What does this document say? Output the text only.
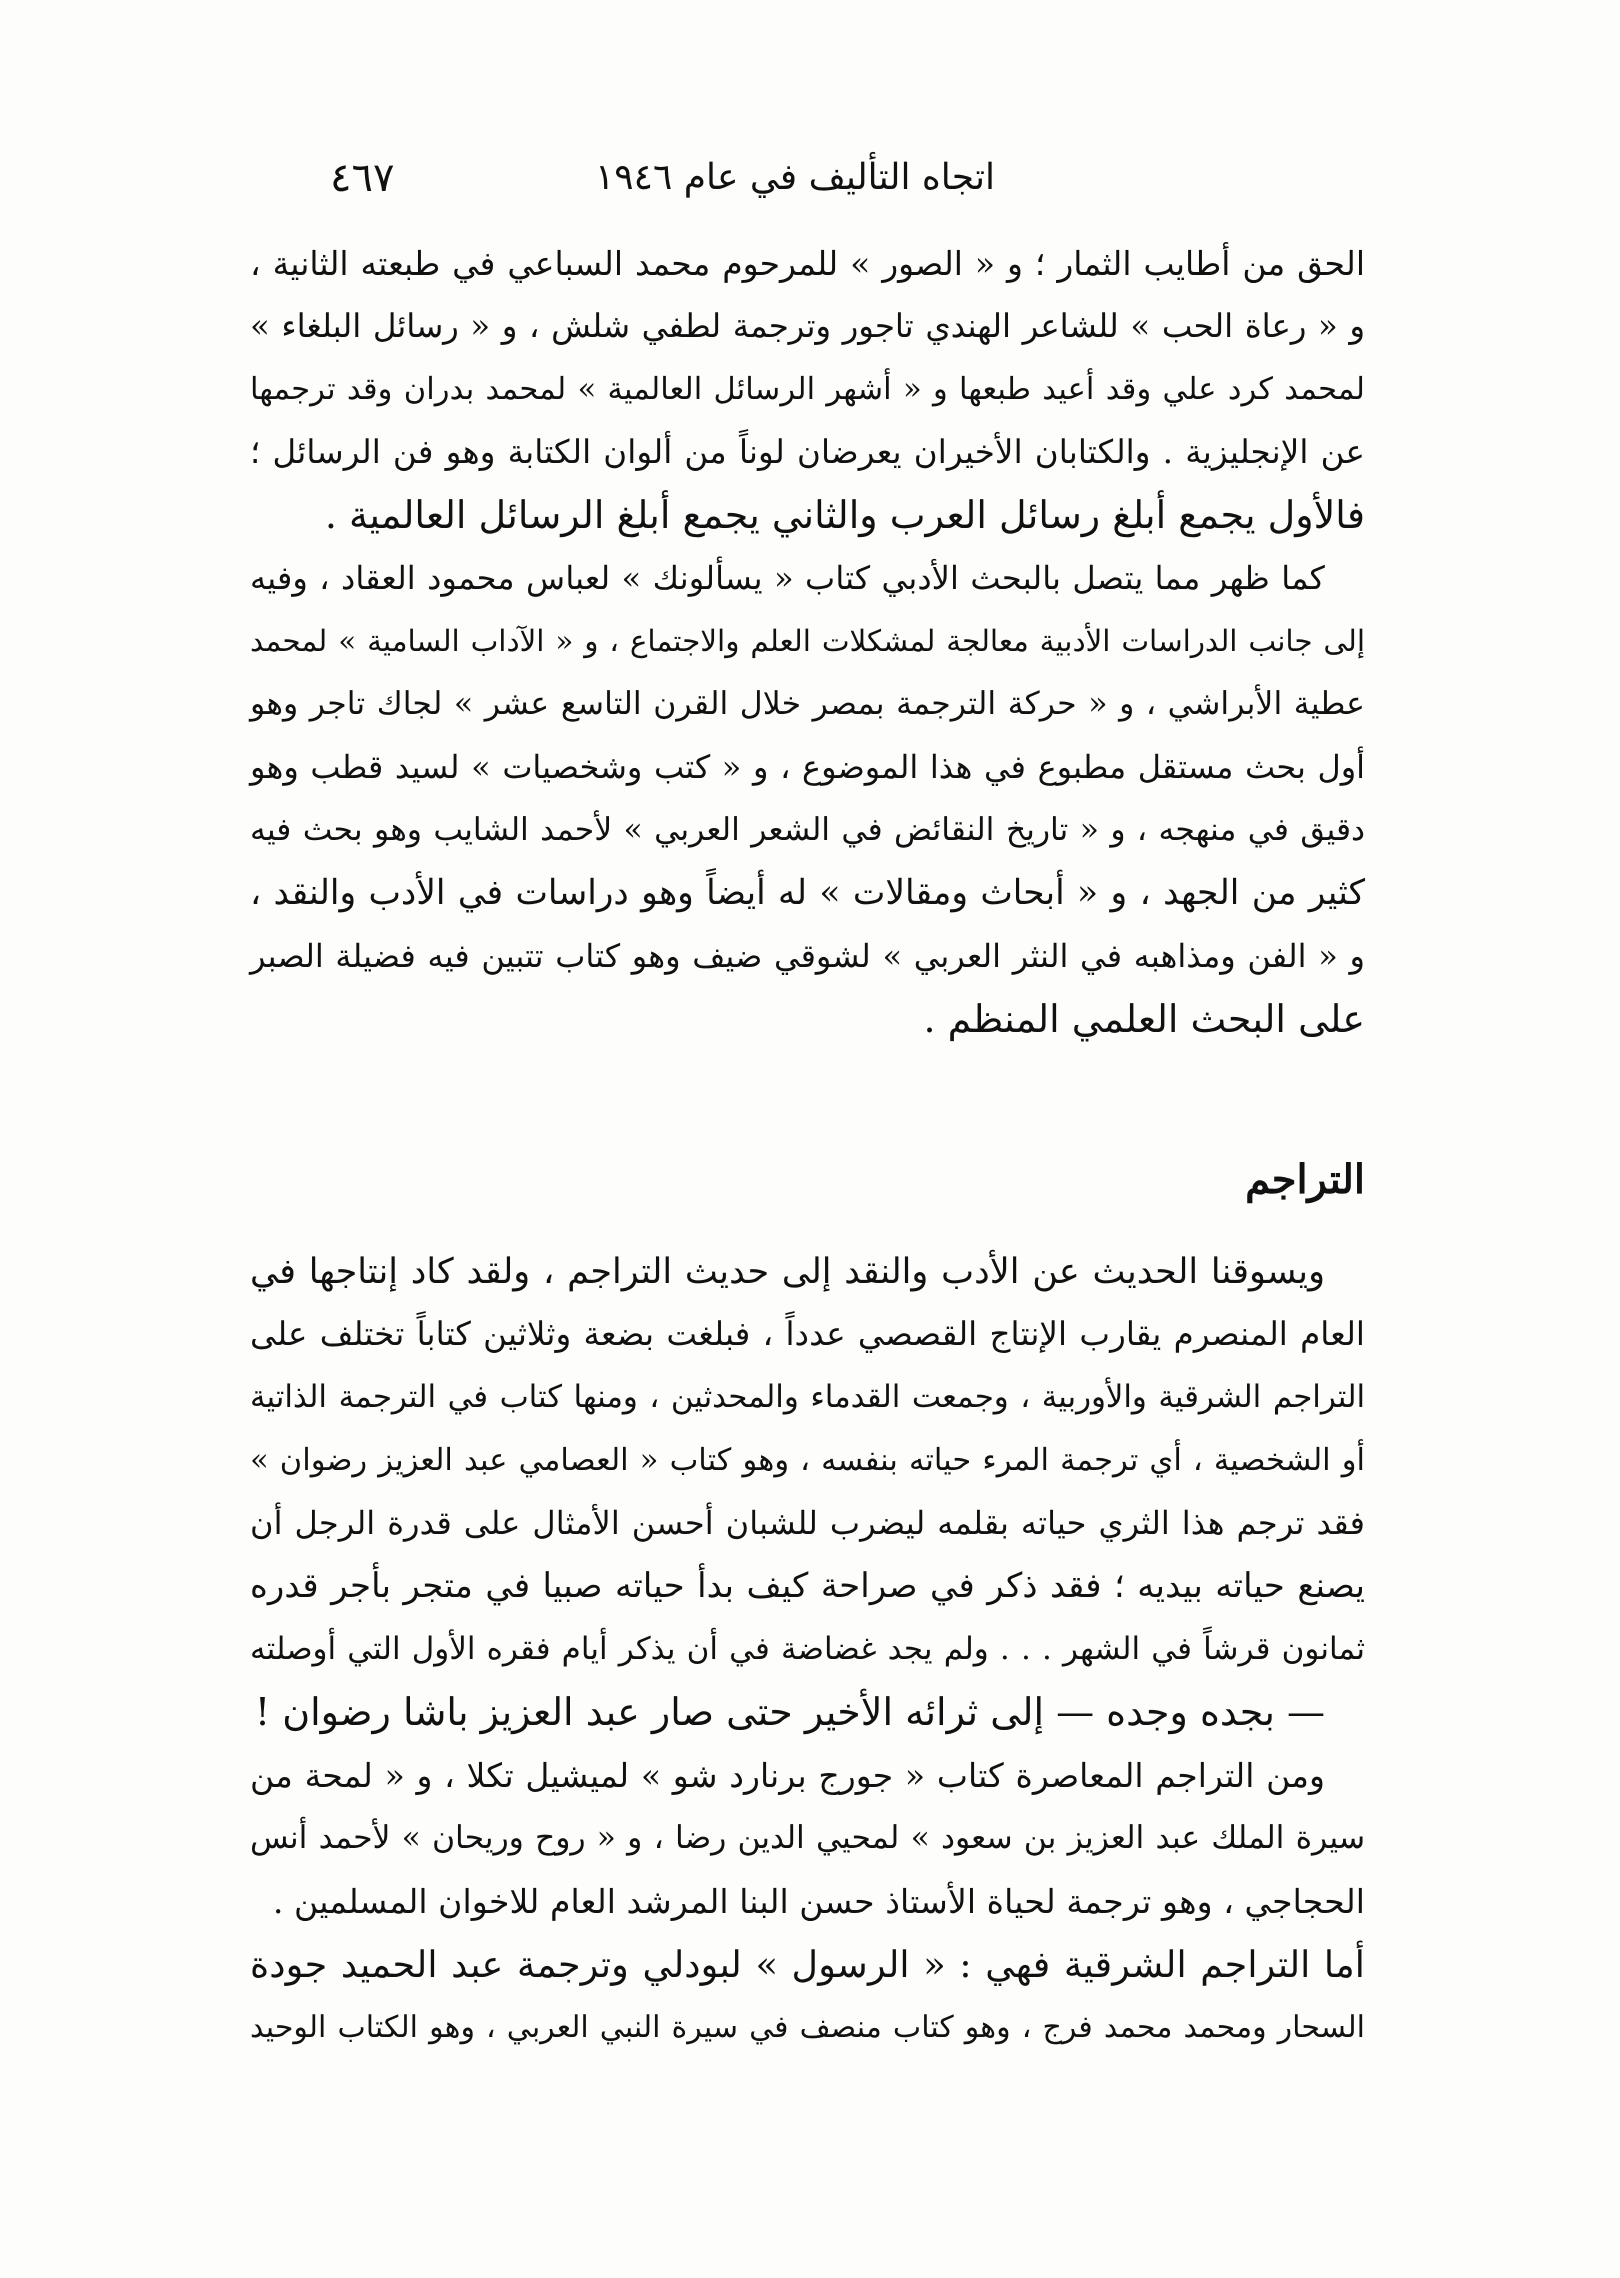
اتجاه التأليف في عام ١٩٤٦
٤٦٧
الحق من أطايب الثمار ؛ و « الصور » للمرحوم محمد السباعي في طبعته الثانية ،
و « رعاة الحب » للشاعر الهندي تاجور وترجمة لطفي شلش ، و « رسائل البلغاء »
لمحمد كرد علي وقد أعيد طبعها و « أشهر الرسائل العالمية » لمحمد بدران وقد ترجمها
عن الإنجليزية . والكتابان الأخيران يعرضان لوناً من ألوان الكتابة وهو فن الرسائل ؛
فالأول يجمع أبلغ رسائل العرب والثاني يجمع أبلغ الرسائل العالمية .
كما ظهر مما يتصل بالبحث الأدبي كتاب « يسألونك » لعباس محمود العقاد ، وفيه
إلى جانب الدراسات الأدبية معالجة لمشكلات العلم والاجتماع ، و « الآداب السامية » لمحمد
عطية الأبراشي ، و « حركة الترجمة بمصر خلال القرن التاسع عشر » لجاك تاجر وهو
أول بحث مستقل مطبوع في هذا الموضوع ، و « كتب وشخصيات » لسيد قطب وهو
دقيق في منهجه ، و « تاريخ النقائض في الشعر العربي » لأحمد الشايب وهو بحث فيه
كثير من الجهد ، و « أبحاث ومقالات » له أيضاً وهو دراسات في الأدب والنقد ،
و « الفن ومذاهبه في النثر العربي » لشوقي ضيف وهو كتاب تتبين فيه فضيلة الصبر
على البحث العلمي المنظم .
التراجم
ويسوقنا الحديث عن الأدب والنقد إلى حديث التراجم ، ولقد كاد إنتاجها في
العام المنصرم يقارب الإنتاج القصصي عدداً ، فبلغت بضعة وثلاثين كتاباً تختلف على
التراجم الشرقية والأوربية ، وجمعت القدماء والمحدثين ، ومنها كتاب في الترجمة الذاتية
أو الشخصية ، أي ترجمة المرء حياته بنفسه ، وهو كتاب « العصامي عبد العزيز رضوان »
فقد ترجم هذا الثري حياته بقلمه ليضرب للشبان أحسن الأمثال على قدرة الرجل أن
يصنع حياته بيديه ؛ فقد ذكر في صراحة كيف بدأ حياته صبيا في متجر بأجر قدره
ثمانون قرشاً في الشهر . . . ولم يجد غضاضة في أن يذكر أيام فقره الأول التي أوصلته
— بجده وجده — إلى ثرائه الأخير حتى صار عبد العزيز باشا رضوان !
ومن التراجم المعاصرة كتاب « جورج برنارد شو » لميشيل تكلا ، و « لمحة من
سيرة الملك عبد العزيز بن سعود » لمحيي الدين رضا ، و « روح وريحان » لأحمد أنس
الحجاجي ، وهو ترجمة لحياة الأستاذ حسن البنا المرشد العام للاخوان المسلمين .
أما التراجم الشرقية فهي : « الرسول » لبودلي وترجمة عبد الحميد جودة
السحار ومحمد محمد فرج ، وهو كتاب منصف في سيرة النبي العربي ، وهو الكتاب الوحيد
